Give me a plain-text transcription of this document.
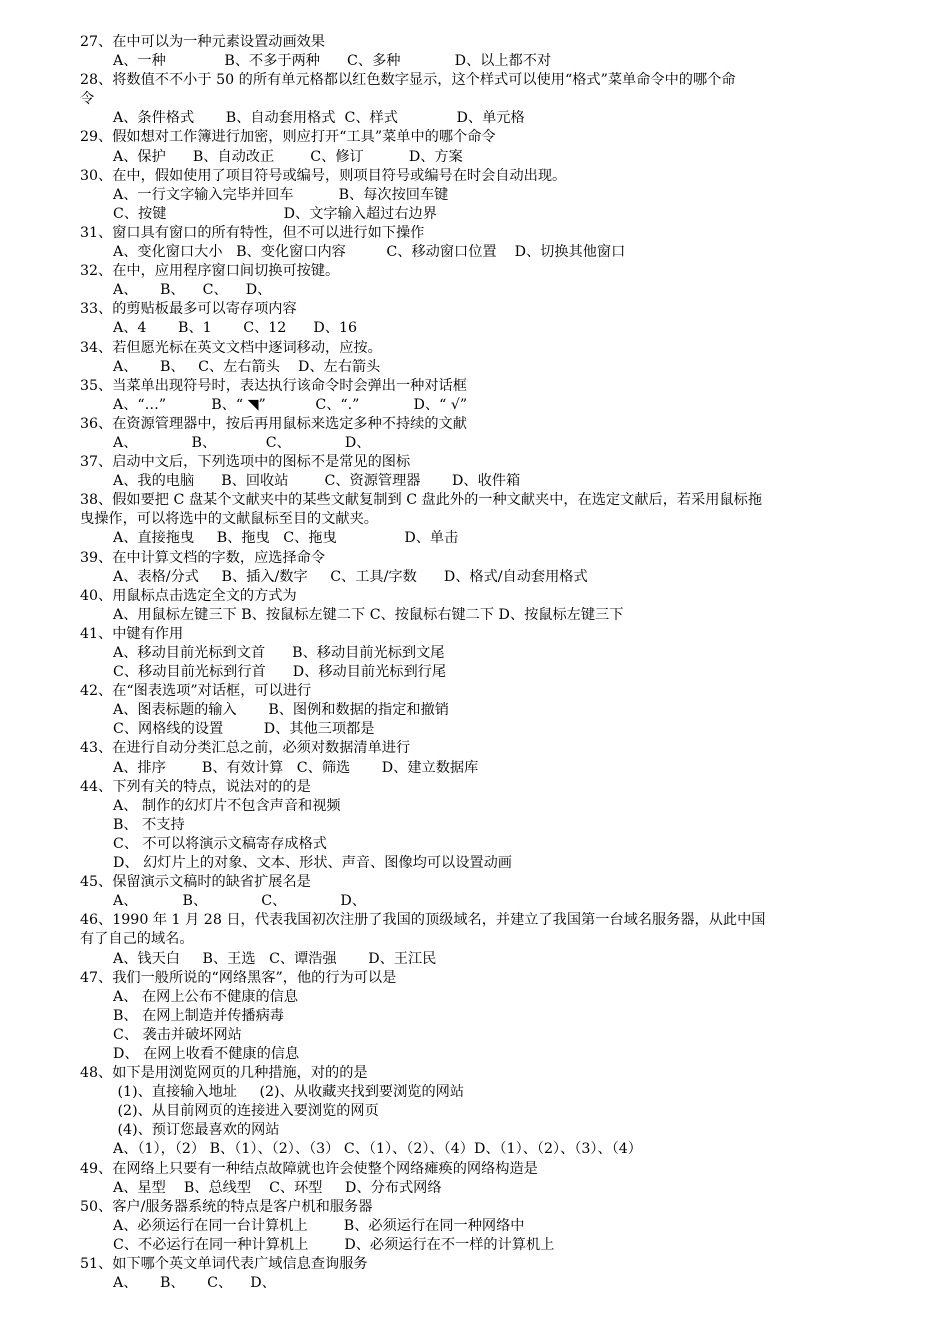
27、在中可以为一种元素设置动画效果
A、一种             B、不多于两种      C、多种            D、以上都不对
28、将数值不不小于 50 的所有单元格都以红色数字显示，这个样式可以使用“格式”菜单命令中的哪个命
令
A、条件格式       B、自动套用格式  C、样式             D、单元格
29、假如想对工作簿进行加密，则应打开“工具”菜单中的哪个命令
A、保护      B、自动改正        C、修订          D、方案
30、在中，假如使用了项目符号或编号，则项目符号或编号在时会自动出现。
A、一行文字输入完毕并回车          B、每次按回车键
C、按键                          D、文字输入超过右边界
31、窗口具有窗口的所有特性，但不可以进行如下操作
A、变化窗口大小   B、变化窗口内容         C、移动窗口位置    D、切换其他窗口
32、在中，应用程序窗口间切换可按键。
A、     B、    C、    D、
33、的剪贴板最多可以寄存项内容
A、4       B、1       C、12      D、16
34、若但愿光标在英文文档中逐词移动，应按。
A、     B、   C、左右箭头    D、左右箭头
35、当菜单出现符号时，表达执行该命令时会弹出一种对话框
A、“…”          B、“ ◥”           C、“.”            D、“ √”
36、在资源管理器中，按后再用鼠标来选定多种不持续的文献
A、            B、           C、            D、
37、启动中文后，下列选项中的图标不是常见的图标
A、我的电脑      B、回收站        C、资源管理器       D、收件箱
38、假如要把 C 盘某个文献夹中的某些文献复制到 C 盘此外的一种文献夹中，在选定文献后，若采用鼠标拖
曳操作，可以将选中的文献鼠标至目的文献夹。
A、直接拖曳     B、拖曳   C、拖曳               D、单击
39、在中计算文档的字数，应选择命令
A、表格/分式     B、插入/数字     C、工具/字数      D、格式/自动套用格式
40、用鼠标点击选定全文的方式为
A、用鼠标左键三下 B、按鼠标左键二下 C、按鼠标右键二下 D、按鼠标左键三下
41、中键有作用
A、移动目前光标到文首      B、移动目前光标到文尾
C、移动目前光标到行首      D、移动目前光标到行尾
42、在“图表选项”对话框，可以进行
A、图表标题的输入       B、图例和数据的指定和撤销
C、网格线的设置         D、其他三项都是
43、在进行自动分类汇总之前，必须对数据清单进行
A、排序        B、有效计算   C、筛选       D、建立数据库
44、下列有关的特点，说法对的的是
A、 制作的幻灯片不包含声音和视频
B、 不支持
C、 不可以将演示文稿寄存成格式
D、 幻灯片上的对象、文本、形状、声音、图像均可以设置动画
45、保留演示文稿时的缺省扩展名是
A、          B、            C、            D、
46、1990 年 1 月 28 日，代表我国初次注册了我国的顶级域名，并建立了我国第一台域名服务器，从此中国
有了自己的域名。
A、钱天白     B、王选   C、谭浩强       D、王江民
47、我们一般所说的“网络黑客”，他的行为可以是
A、 在网上公布不健康的信息
B、 在网上制造并传播病毒
C、 袭击并破坏网站
D、 在网上收看不健康的信息
48、如下是用浏览网页的几种措施，对的的是
(1)、直接输入地址     (2)、从收藏夹找到要浏览的网站
(2)、从目前网页的连接进入要浏览的网页
(4)、预订您最喜欢的网站
A、（1），（2） B、（1）、（2）、（3） C、（1）、（2）、（4）D、（1）、（2）、（3）、（4）
49、在网络上只要有一种结点故障就也许会使整个网络瘫痪的网络构造是
A、星型    B、总线型    C、环型     D、分布式网络
50、客户/服务器系统的特点是客户机和服务器
A、必须运行在同一台计算机上        B、必须运行在同一种网络中
C、不必运行在同一种计算机上        D、必须运行在不一样的计算机上
51、如下哪个英文单词代表广域信息查询服务
A、     B、     C、    D、
